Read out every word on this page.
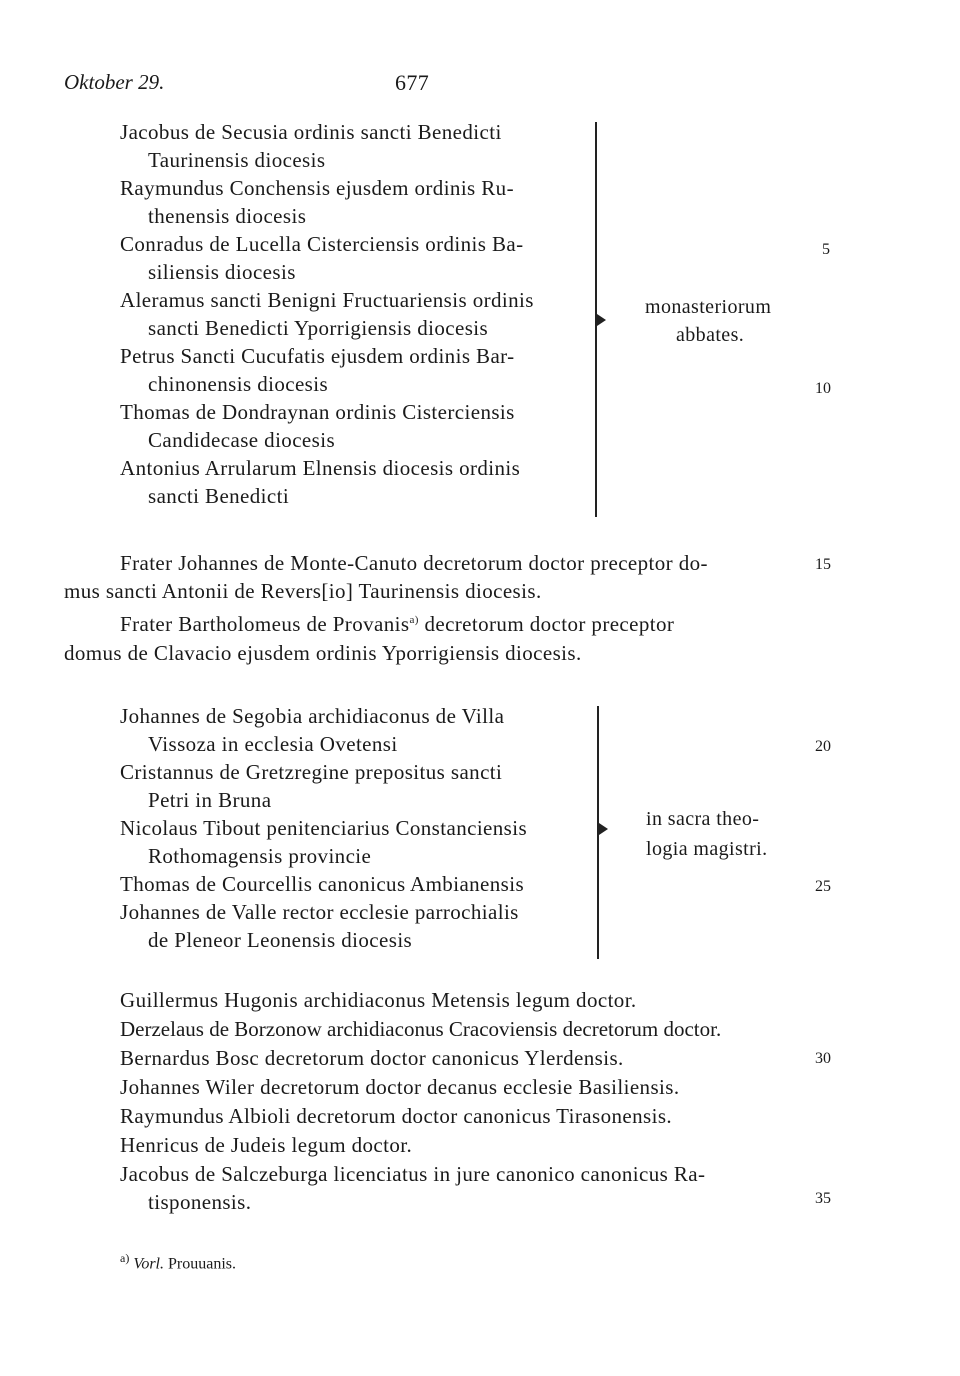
Oktober 29.	677
Jacobus de Secusia ordinis sancti Benedicti
Taurinensis diocesis
Raymundus Conchensis ejusdem ordinis Ru-
thenensis diocesis
Conradus de Lucella Cisterciensis ordinis Ba-
siliensis diocesis
Aleramus sancti Benigni Fructuariensis ordinis
sancti Benedicti Yporrigiensis diocesis
Petrus Sancti Cucufatis ejusdem ordinis Bar-
chinonensis diocesis
Thomas de Dondraynan ordinis Cisterciensis
Candidecase diocesis
Antonius Arrularum Elnensis diocesis ordinis
sancti Benedicti
monasteriorum
abbates.
Frater Johannes de Monte-Canuto decretorum doctor preceptor do-
mus sancti Antonii de Revers[io] Taurinensis diocesis.
Frater Bartholomeus de Provanis$^{a)}$ decretorum doctor preceptor
domus de Clavacio ejusdem ordinis Yporrigiensis diocesis.
Johannes de Segobia archidiaconus de Villa
Vissoza in ecclesia Ovetensi
Cristannus de Gretzregine prepositus sancti
Petri in Bruna
Nicolaus Tibout penitenciarius Constanciensis
Rothomagensis provincie
Thomas de Courcellis canonicus Ambianensis
Johannes de Valle rector ecclesie parrochialis
de Pleneor Leonensis diocesis
in sacra theo-
logia magistri.
Guillermus Hugonis archidiaconus Metensis legum doctor.
Derzelaus de Borzonow archidiaconus Cracoviensis decretorum doctor.
Bernardus Bosc decretorum doctor canonicus Ylerdensis.
Johannes Wiler decretorum doctor decanus ecclesie Basiliensis.
Raymundus Albioli decretorum doctor canonicus Tirasonensis.
Henricus de Judeis legum doctor.
Jacobus de Salczeburga licenciatus in jure canonico canonicus Ra-
tisponensis.
5
10
15
20
25
30
35
$^{a)}$ Vorl. Prouuanis.
